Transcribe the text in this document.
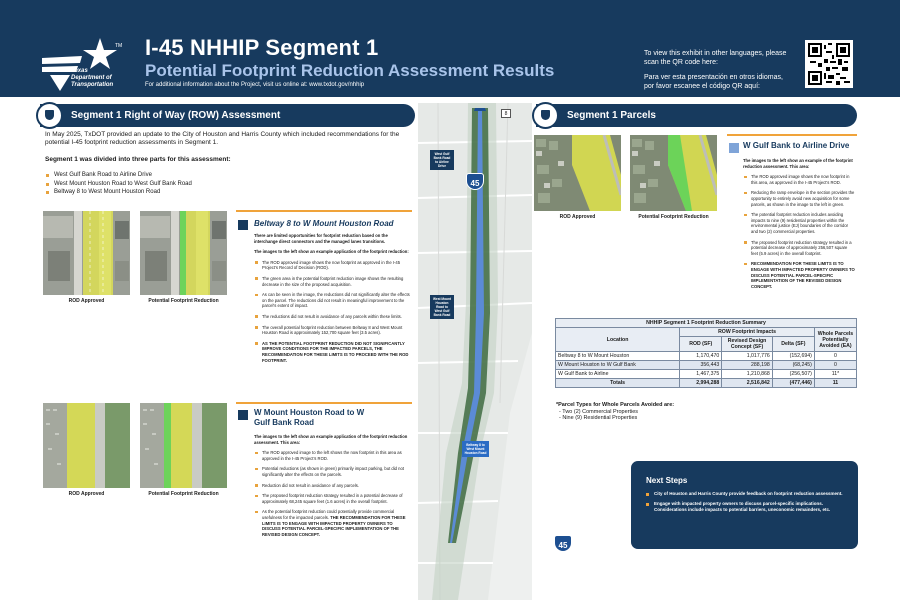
TM
Texas Department of Transportation
I-45 NHHIP Segment 1
Potential Footprint Reduction Assessment Results
For additional information about the Project, visit us online at: www.txdot.gov/nhhip

To view this exhibit in other languages, please scan the QR code here:

Para ver esta presentación en otros idiomas, por favor escanee el código QR aquí:

Segment 1 Right of Way (ROW) Assessment

In May 2025, TxDOT provided an update to the City of Houston and Harris County which included recommendations for the potential I-45 footprint reduction assessments in Segment 1.

Segment 1 was divided into three parts for this assessment:

West Gulf Bank Road to Airline Drive
West Mount Houston Road to West Gulf Bank Road
Beltway 8 to West Mount Houston Road
ROD Approved	Potential Footprint Reduction
Beltway 8 to W Mount Houston Road

There are limited opportunities for footprint reduction based on the interchange direct connectors and the managed lanes transitions.

The images to the left show an example application of the footprint reduction:

The ROD approved image shows the now footprint as approved in the I-45 Project’s Record of Decision (ROD).
The green area in the potential footprint reduction image shows the resulting decrease in the size of the proposed acquisition.
As can be seen in the image, the reductions did not significantly alter the effects on the parcel. The reductions did not result in meaningful improvement to the parcel’s extent of impact.
The reductions did not result in avoidance of any parcels within these limits.
The overall potential footprint reduction between Beltway 8 and West Mount Houston Road is approximately 152,700 square feet (3.5 acres).
AS THE POTENTIAL FOOTPRINT REDUCTION DID NOT SIGNIFICANTLY IMPROVE CONDITIONS FOR THE IMPACTED PARCELS, THE RECOMMENDATION FOR THESE LIMITS IS TO PROCEED WITH THE ROD FOOTPRINT.
ROD Approved	Potential Footprint Reduction
W Mount Houston Road to W Gulf Bank Road

The images to the left show an example application of the footprint reduction assessment. This area:

The ROD approved image to the left shows the now footprint in this area as approved in the I-45 Project’s ROD.
Potential reductions (as shown in green) primarily impact parking, but did not significantly alter the effects on the parcels.
Reduction did not result in avoidance of any parcels.
The proposed footprint reduction strategy resulted in a potential decrease of approximately 68,245 square feet (1.6 acres) in the overall footprint.
As the potential footprint reduction could potentially provide commercial usefulness for the impacted parcels. THE RECOMMENDATION FOR THESE LIMITS IS TO ENGAGE WITH IMPACTED PROPERTY OWNERS TO DISCUSS POTENTIAL PARCEL-SPECIFIC IMPLEMENTATION OF THE REVISED DESIGN CONCEPT.
45
8
45
West Gulf Bank Road to Airline Drive
West Mount Houston Road to West Gulf Bank Road
Beltway 8 to West Mount Houston Road
Segment 1 Parcels
ROD Approved	Potential Footprint Reduction
W Gulf Bank to Airline Drive

The images to the left show an example of the footprint reduction assessment. This area:

The ROD approved image shows the now footprint in this area, as approved in the I-45 Project’s ROD.
Reducing the ramp envelope in the section provides the opportunity to entirely avoid new acquisition for some parcels, as shown in the image to the left in green.
The potential footprint reduction includes avoiding impacts to nine (9) residential properties within the environmental justice (EJ) boundaries of the corridor and two (2) commercial properties.
The proposed footprint reduction strategy resulted in a potential decrease of approximately 256,507 square feet (5.9 acres) in the overall footprint.
RECOMMENDATION FOR THESE LIMITS IS TO ENGAGE WITH IMPACTED PROPERTY OWNERS TO DISCUSS POTENTIAL PARCEL-SPECIFIC IMPLEMENTATION OF THE REVISED DESIGN CONCEPT.
NHHIP Segment 1 Footprint Reduction Summary				
Location	ROW Footprint Impacts			Whole Parcels Potentially Avoided (EA)
	ROD (SF)	Revised Design Concept (SF)	Delta (SF)	
Beltway 8 to W Mount Houston	1,170,470	1,017,776	(152,694)	0
W Mount Houston to W Gulf Bank	356,443	288,198	(68,245)	0
W Gulf Bank to Airline	1,467,375	1,210,868	(256,507)	11*
Totals	2,994,288	2,516,842	(477,446)	11

*Parcel Types for Whole Parcels Avoided are:

- Two (2) Commercial Properties

- Nine (9) Residential Properties

Next Steps
City of Houston and Harris County provide feedback on footprint reduction assessment.
Engage with impacted property owners to discuss parcel-specific implications. Considerations include impacts to potential barriers, uneconomic remainders, etc.
